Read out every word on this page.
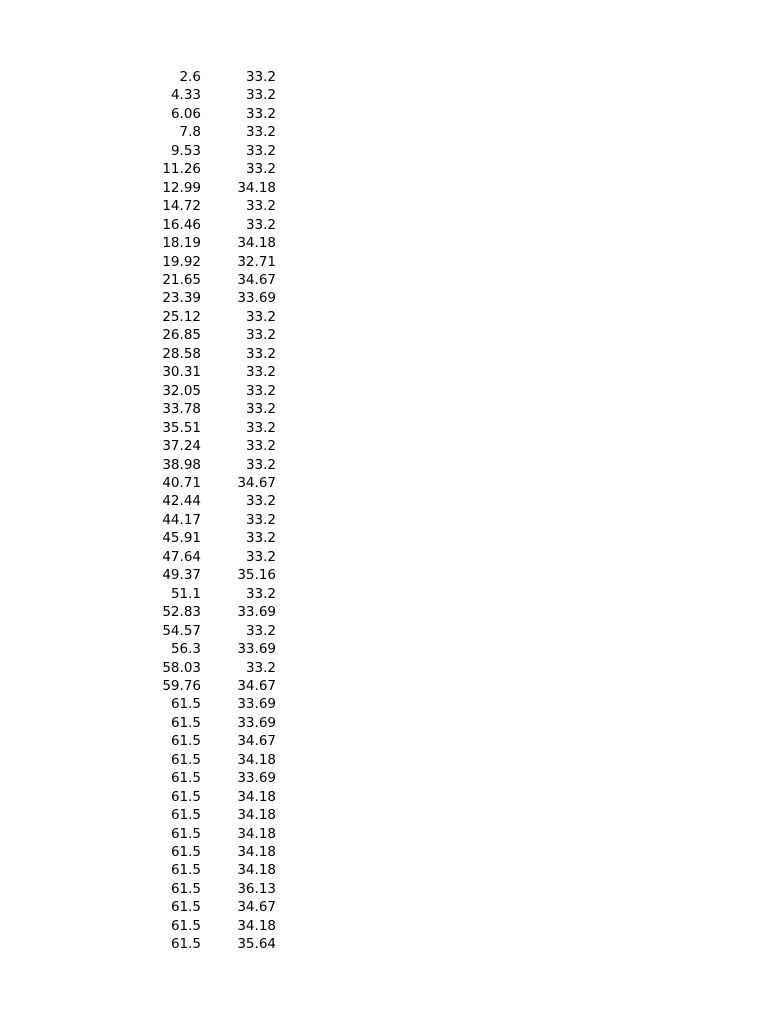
2.6	33.2
4.33	33.2
6.06	33.2
7.8	33.2
9.53	33.2
11.26	33.2
12.99	34.18
14.72	33.2
16.46	33.2
18.19	34.18
19.92	32.71
21.65	34.67
23.39	33.69
25.12	33.2
26.85	33.2
28.58	33.2
30.31	33.2
32.05	33.2
33.78	33.2
35.51	33.2
37.24	33.2
38.98	33.2
40.71	34.67
42.44	33.2
44.17	33.2
45.91	33.2
47.64	33.2
49.37	35.16
51.1	33.2
52.83	33.69
54.57	33.2
56.3	33.69
58.03	33.2
59.76	34.67
61.5	33.69
61.5	33.69
61.5	34.67
61.5	34.18
61.5	33.69
61.5	34.18
61.5	34.18
61.5	34.18
61.5	34.18
61.5	34.18
61.5	36.13
61.5	34.67
61.5	34.18
61.5	35.64
